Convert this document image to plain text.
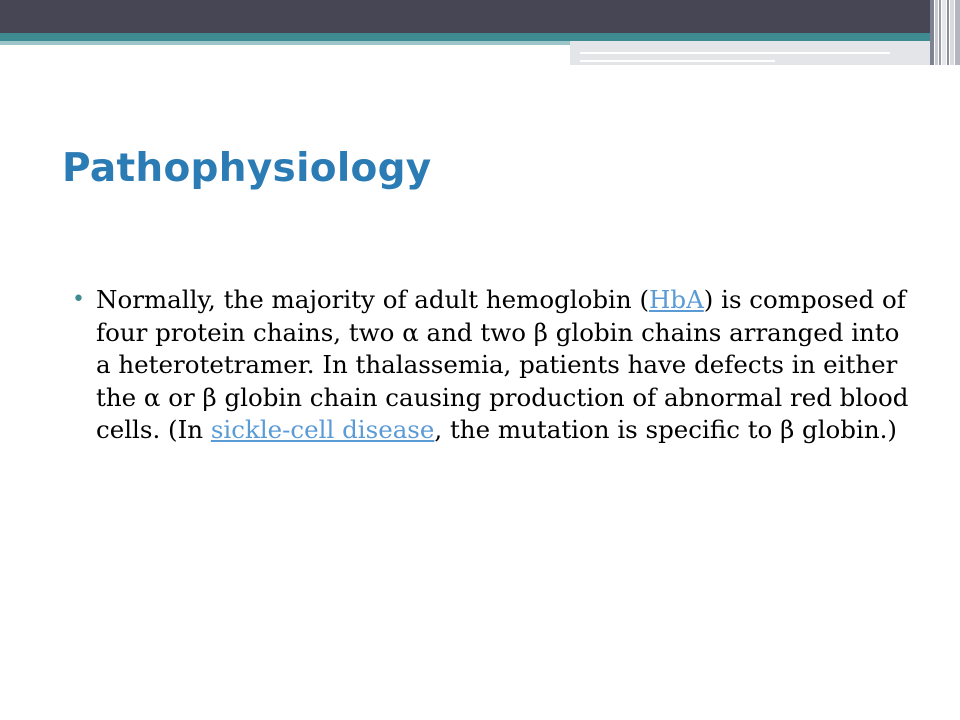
Pathophysiology
• Normally, the majority of adult hemoglobin (HbA) is composed of four protein chains, two α and two β globin chains arranged into a heterotetramer. In thalassemia, patients have defects in either the α or β globin chain causing production of abnormal red blood cells. (In sickle-cell disease, the mutation is specific to β globin.)
